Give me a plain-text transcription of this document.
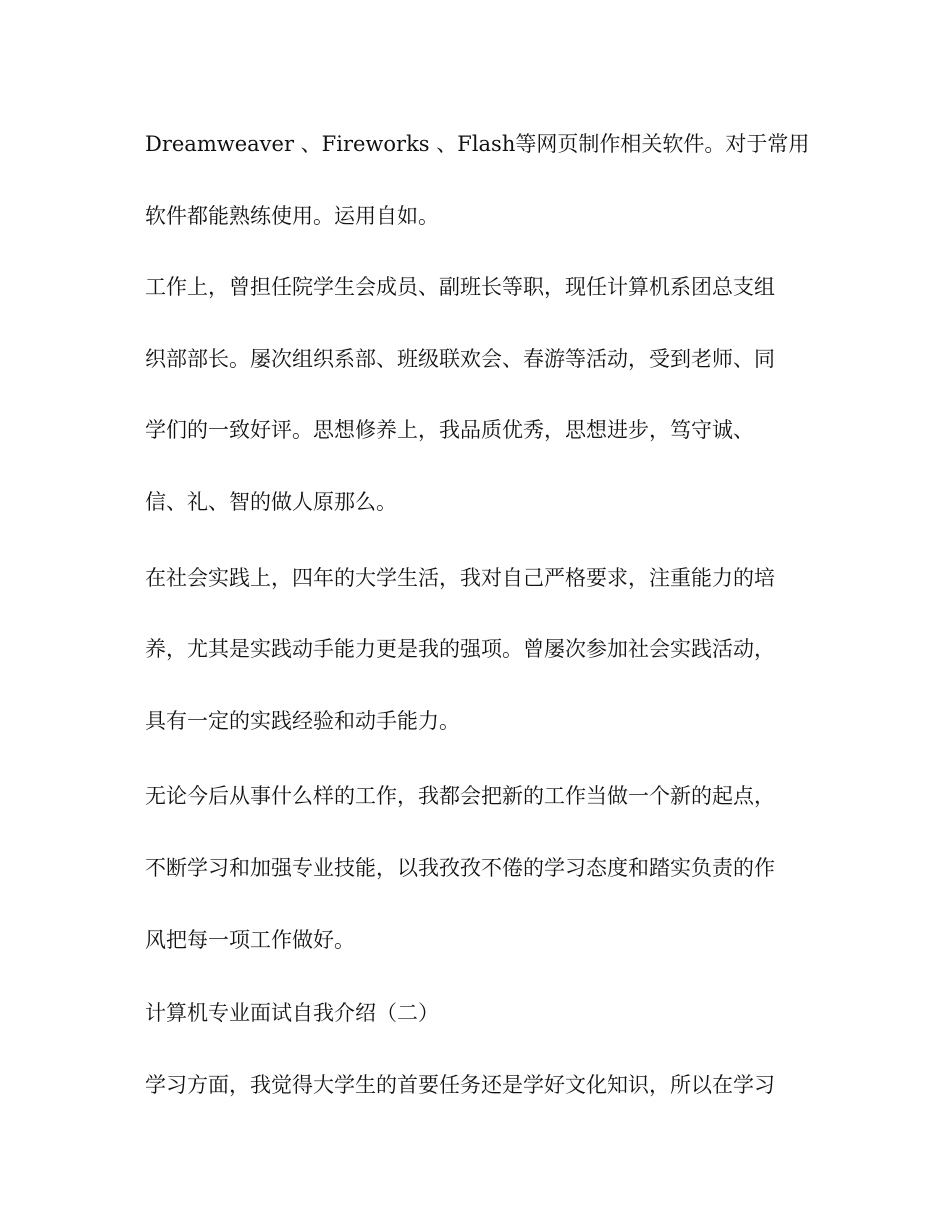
Dreamweaver 、Fireworks 、Flash等网页制作相关软件。对于常用

软件都能熟练使用。运用自如。

工作上，曾担任院学生会成员、副班长等职，现任计算机系团总支组

织部部长。屡次组织系部、班级联欢会、春游等活动，受到老师、同

学们的一致好评。思想修养上，我品质优秀，思想进步，笃守诚、

信、礼、智的做人原那么。

在社会实践上，四年的大学生活，我对自己严格要求，注重能力的培

养，尤其是实践动手能力更是我的强项。曾屡次参加社会实践活动，

具有一定的实践经验和动手能力。

无论今后从事什么样的工作，我都会把新的工作当做一个新的起点，

不断学习和加强专业技能，以我孜孜不倦的学习态度和踏实负责的作

风把每一项工作做好。

计算机专业面试自我介绍（二）

学习方面，我觉得大学生的首要任务还是学好文化知识，所以在学习
